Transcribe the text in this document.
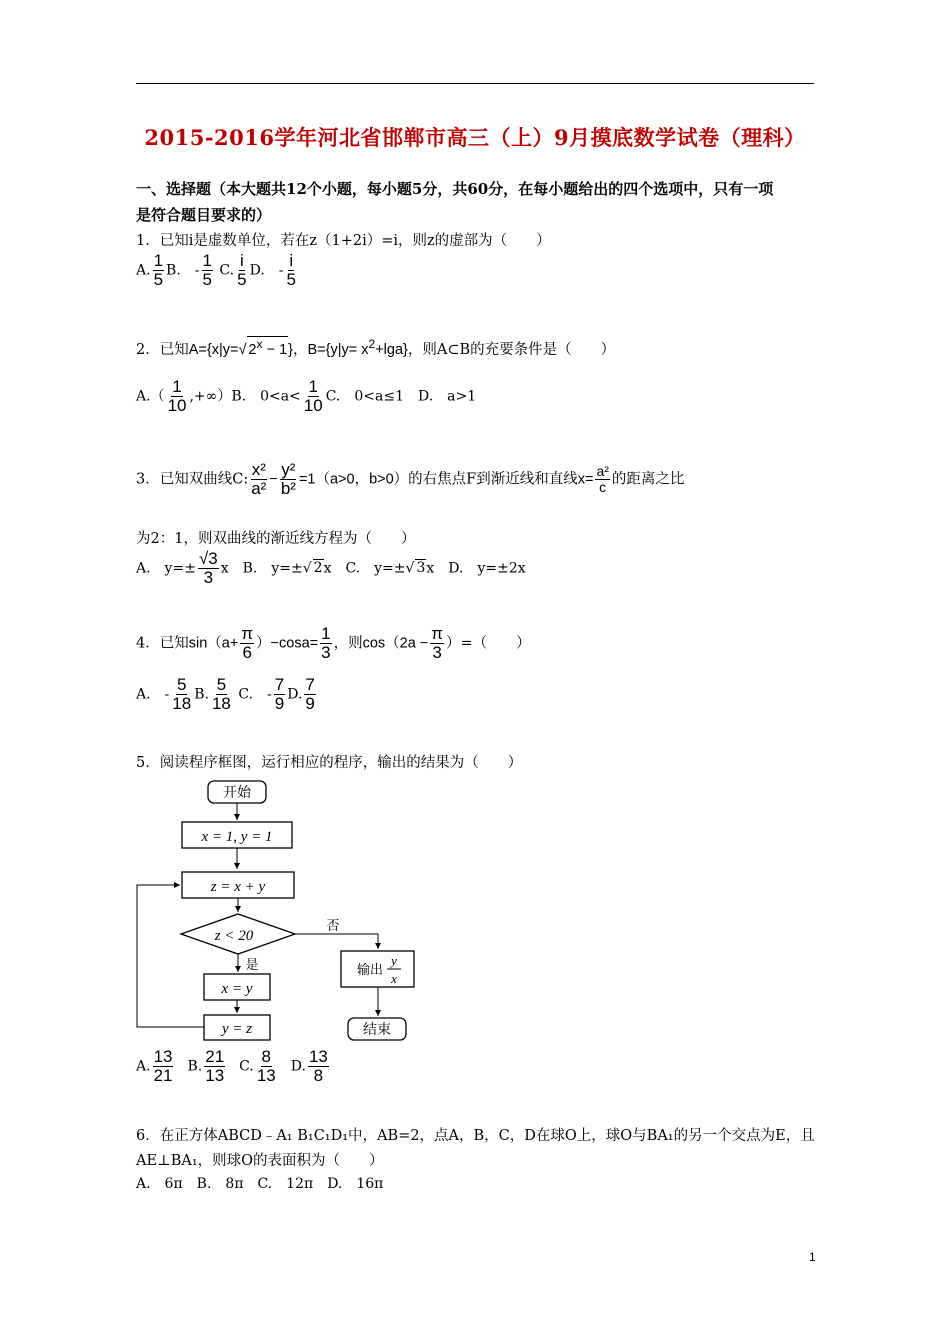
2015-2016学年河北省邯郸市高三（上）9月摸底数学试卷（理科）
一、选择题（本大题共12个小题，每小题5分，共60分，在每小题给出的四个选项中，只有一项
是符合题目要求的）
1．已知i是虚数单位，若在z（1+2i）=i，则z的虚部为（　　）
A. $\frac{1}{5} B$.　- $\frac{1}{5} C$. $\frac{i}{5} D$.　- $\frac{i}{5}$
2．已知A={x|y=√ $2^x - 1$}，$B=\{y|y= x^2+\lg a\}$，则A⊂B的充要条件是（　　）
$A.( \frac{1}{10} ,+\infty)B$.　$0<a< \frac{1}{10} C$.　0<a≤1　D.　a>1
3．已知双曲线C: $\frac{\text{x²}}{\text{a²}} - \frac{\text{y²}}{\text{b²}} =1(a>0$，b>0）的右焦点F到渐近线和直线$x= \frac{\text{a²}}{c}$ 的距离之比
为2：1，则双曲线的渐近线方程为（　　）
A.　$y=\pm \frac{√3}{3}$ x　B.　y=±√ 2x　C.　y=±√ 3x　D.　y=±2x
4．已知$\sin(a+ \frac{\pi}{6} )-\cos a= \frac{1}{3}$ ，则$\cos(2a - \frac{\pi}{3}$ ）=（　　）
A.　- $\frac{5}{18} B$. $\frac{5}{18} C$.　- $\frac{7}{9} D$. $\frac{7}{9}$
5．阅读程序框图，运行相应的程序，输出的结果为（　　）
开始
x = 1, y = 1
z = x + y
z < 20
否
输出
y
x
结束
是
x = y
y = z
A. $\frac{13}{21} B$. $\frac{21}{13} C$. $\frac{8}{13} D$. $\frac{13}{8}$
6．在正方体ABCD﹣A₁ B₁C₁D₁中，AB=2，点A，B，C，D在球O上，球O与BA₁的另一个交点为E，且
AE⊥BA₁，则球O的表面积为（　　）
A.　6π　B.　8π　C.　12π　D.　16π
1
